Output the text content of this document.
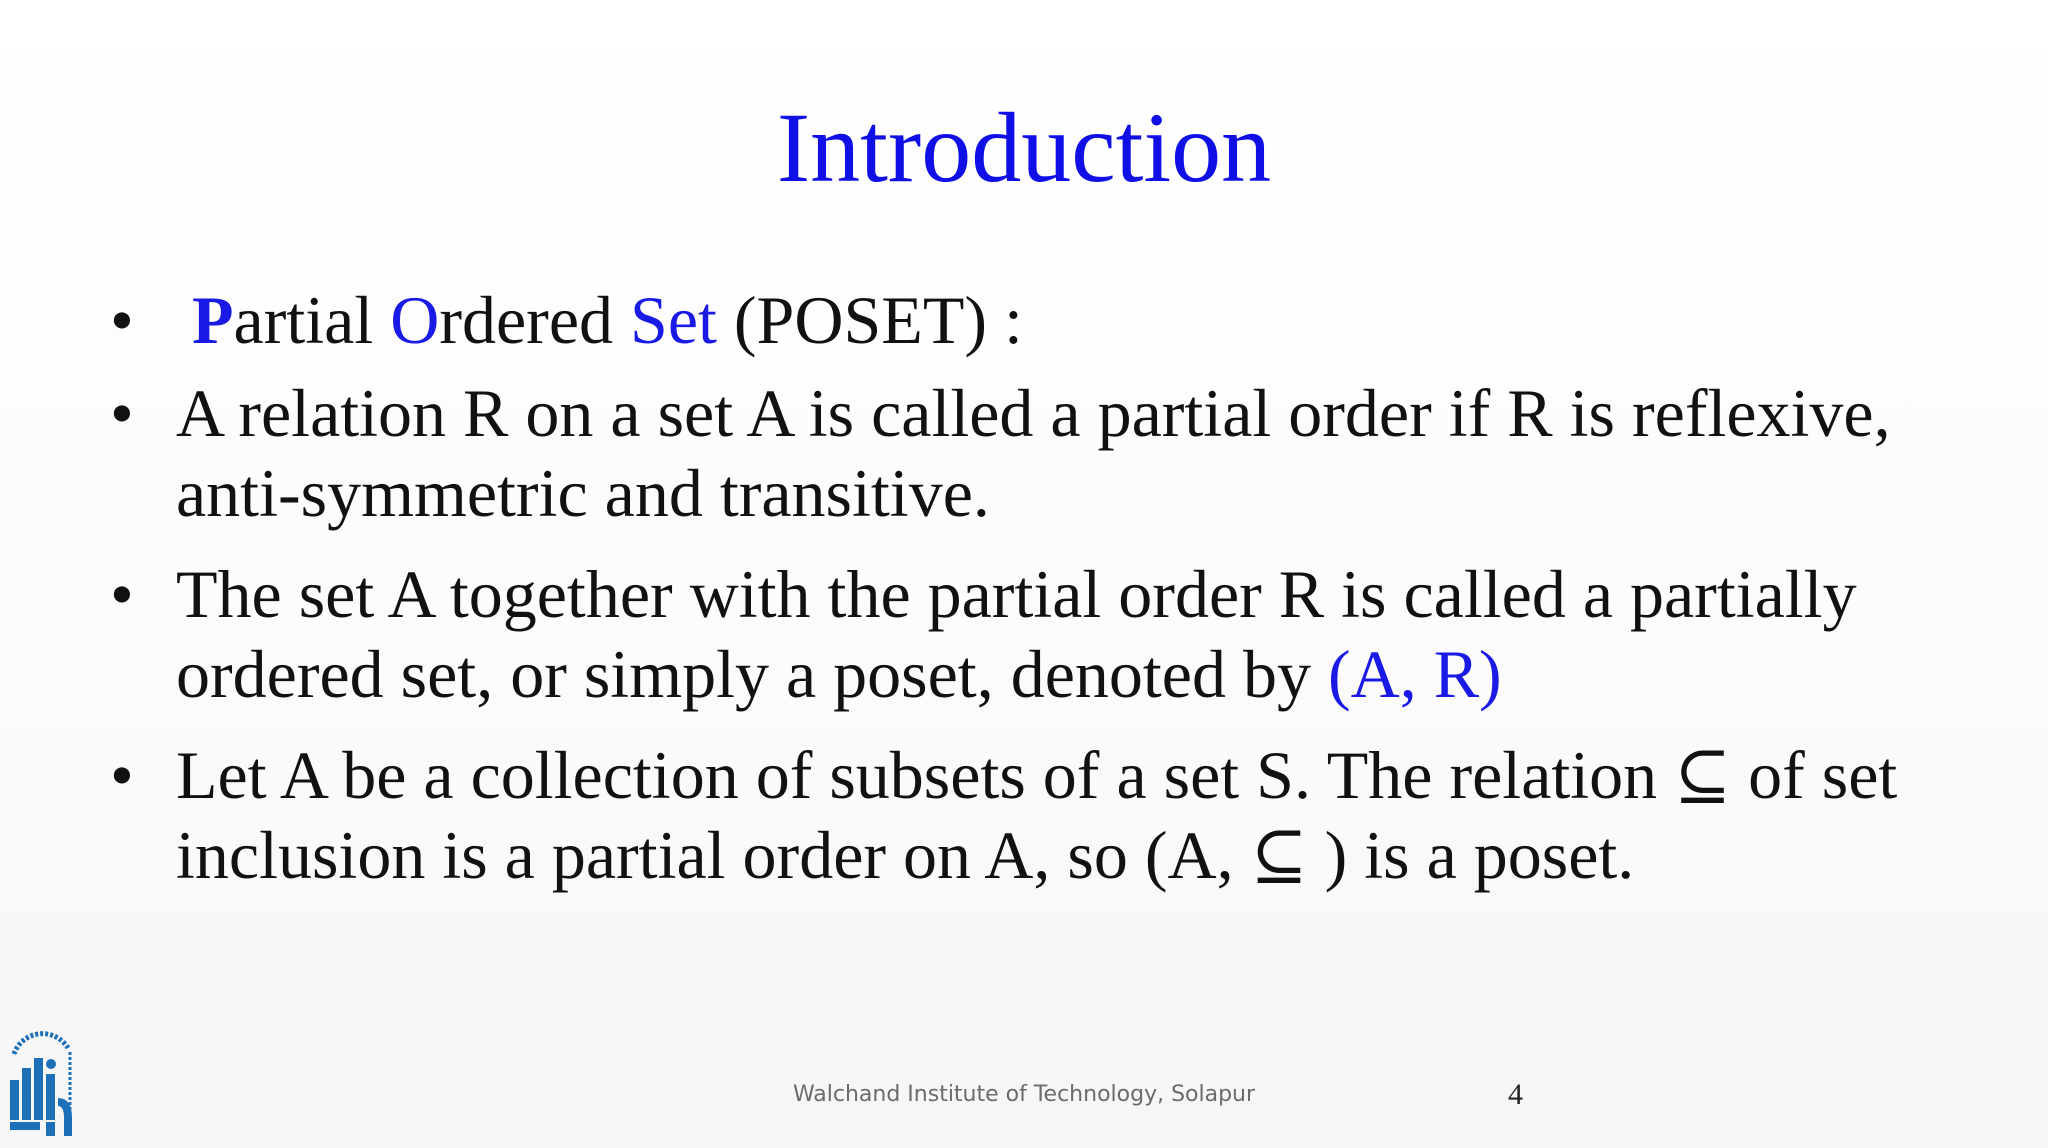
Introduction
• Partial Ordered Set (POSET) :
• A relation R on a set A is called a partial order if R is reflexive, anti-symmetric and transitive.
• The set A together with the partial order R is called a partially ordered set, or simply a poset, denoted by (A, R)
• Let A be a collection of subsets of a set S. The relation ⊆ of set inclusion is a partial order on A, so (A, ⊆ ) is a poset.
Walchand Institute of Technology, Solapur	4
